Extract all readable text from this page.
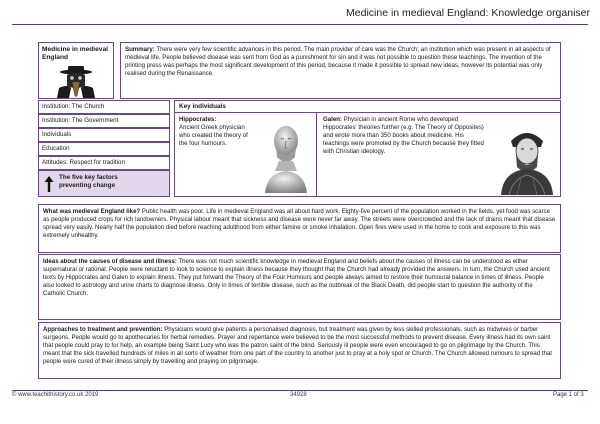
Medicine in medieval England: Knowledge organiser
Medicine in medieval England
Summary: There were very few scientific advances in this period. The main provider of care was the Church; an institution which was present in all aspects of medieval life. People believed disease was sent from God as a punishment for sin and it was not possible to question these teachings. The invention of the printing press was perhaps the most significant development of this period, because it made it possible to spread new ideas, however its potential was only realised during the Renaissance.
Institution: The Church
Institution: The Government
Individuals
Education
Attitudes: Respect for tradition
The five key factors preventing change
Key individuals
Hippocrates:
Ancient Greek physician who created the theory of the four humours.
Galen: Physician in ancient Rome who developed Hippocrates' theories further (e.g. The Theory of Opposites) and wrote more than 350 books about medicine. His teachings were promoted by the Church because they fitted with Christian ideology.
What was medieval England like? Public health was poor. Life in medieval England was all about hard work. Eighty-five percent of the population worked in the fields, yet food was scarce as people produced crops for rich landowners. Physical labour meant that sickness and disease were never far away. The streets were overcrowded and the lack of drains meant that disease spread very easily. Nearly half the population died before reaching adulthood from either famine or smoke inhalation. Open fires were used in the home to cook and exposure to this was extremely unhealthy.
Ideas about the causes of disease and illness: There was not much scientific knowledge in medieval England and beliefs about the causes of illness can be understood as either supernatural or rational. People were reluctant to look to science to explain illness because they thought that the Church had already provided the answers. In turn, the Church used ancient texts by Hippocrates and Galen to explain illness. They put forward the Theory of the Four Humours and people always aimed to restore their humoural balance in times of illness. People also looked to astrology and urine charts to diagnose illness. Only in times of terrible disease, such as the outbreak of the Black Death, did people start to question the authority of the Catholic Church.
Approaches to treatment and prevention: Physicians would give patients a personalised diagnosis, but treatment was given by less skilled professionals, such as midwives or barber surgeons. People would go to apothecaries for herbal remedies. Prayer and repentance were believed to be the most successful methods to prevent disease. Every illness had its own saint that people could pray to for help, an example being Saint Lucy who was the patron saint of the blind. Seriously ill people were even encouraged to go on pilgrimage by the Church. This meant that the sick travelled hundreds of miles in all sorts of weather from one part of the country to another just to pray at a holy spot or Church. The Church allowed rumours to spread that people were cured of their illness simply by travelling and praying on pilgrimage.
© www.teachithistory.co.uk 2019	34928	Page 1 of 3
